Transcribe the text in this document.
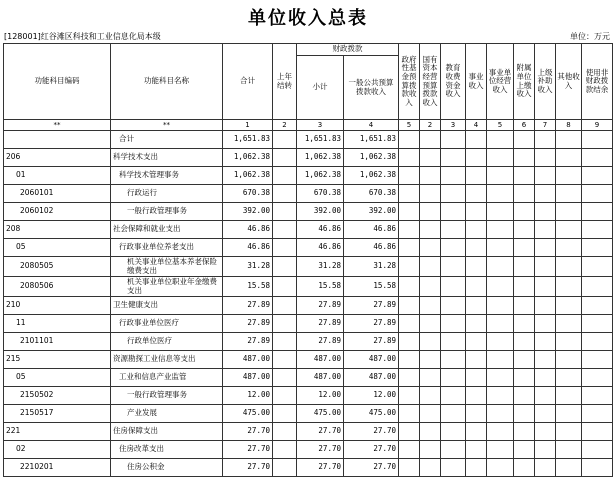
单位收入总表
[128001]红谷滩区科技和工业信息化局本级	单位：万元
功能科目编码	功能科目名称	合计	上年结转	财政拨款		政府性基金预算拨款收入	国有资本经营预算拨款收入	教育收费资金收入	事业收入	事业单位经营收入	附属单位上缴收入	上级补助收入	其他收入	使用非财政拨款结余
				小计	一般公共预算拨款收入									
**	**	1	2	3	4	5	2	3	4	5	6	7	8	9
	合计	1,651.83		1,651.83	1,651.83									
206	科学技术支出	1,062.38		1,062.38	1,062.38									
01	科学技术管理事务	1,062.38		1,062.38	1,062.38									
2060101	行政运行	670.38		670.38	670.38									
2060102	一般行政管理事务	392.00		392.00	392.00									
208	社会保障和就业支出	46.86		46.86	46.86									
05	行政事业单位养老支出	46.86		46.86	46.86									
2080505	机关事业单位基本养老保险缴费支出	31.28		31.28	31.28									
2080506	机关事业单位职业年金缴费支出	15.58		15.58	15.58									
210	卫生健康支出	27.89		27.89	27.89									
11	行政事业单位医疗	27.89		27.89	27.89									
2101101	行政单位医疗	27.89		27.89	27.89									
215	资源勘探工业信息等支出	487.00		487.00	487.00									
05	工业和信息产业监管	487.00		487.00	487.00									
2150502	一般行政管理事务	12.00		12.00	12.00									
2150517	产业发展	475.00		475.00	475.00									
221	住房保障支出	27.70		27.70	27.70									
02	住房改革支出	27.70		27.70	27.70									
2210201	住房公积金	27.70		27.70	27.70									
